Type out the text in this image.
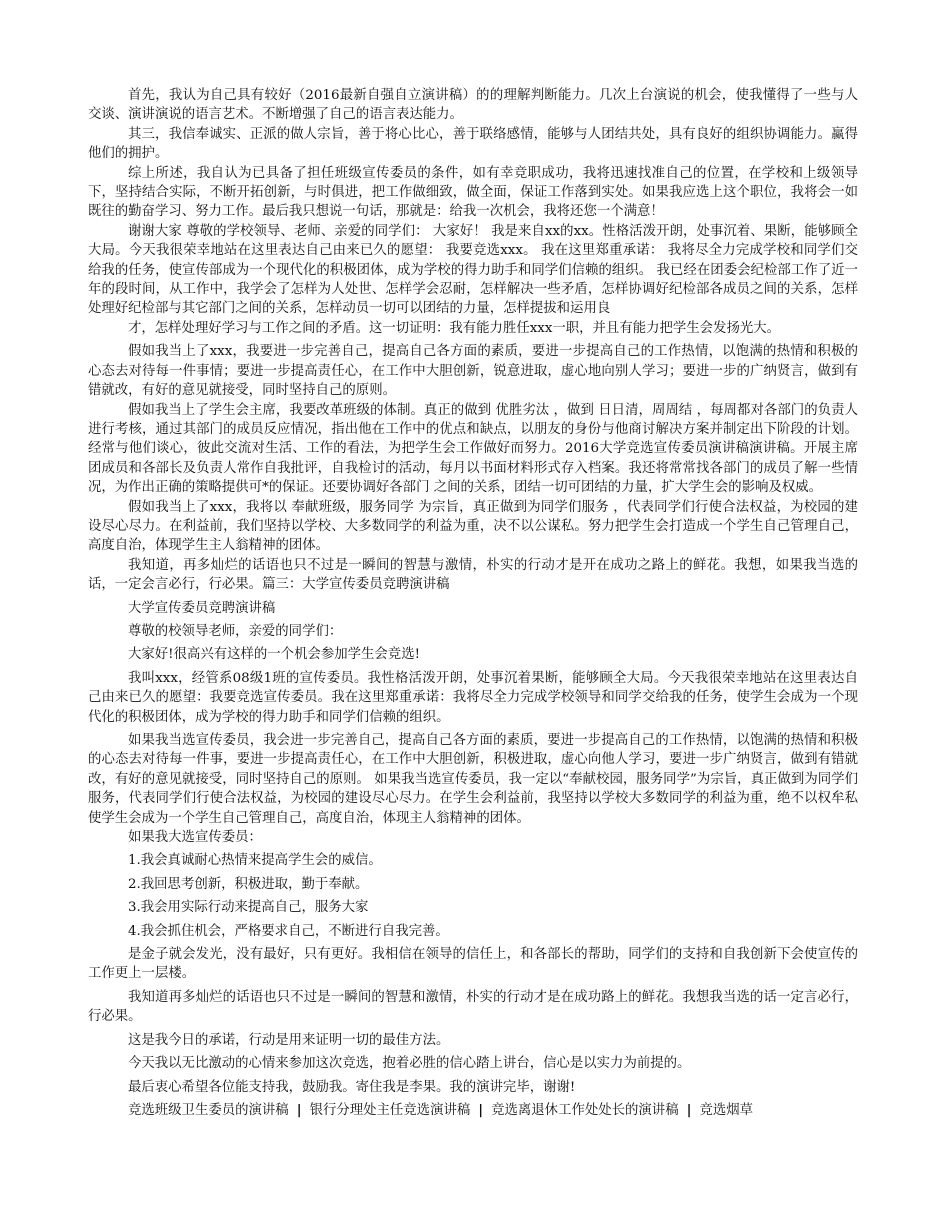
首先，我认为自己具有较好（2016最新自强自立演讲稿）的的理解判断能力。几次上台演说的机会，使我懂得了一些与人交谈、演讲演说的语言艺术。不断增强了自己的语言表达能力。

其三，我信奉诚实、正派的做人宗旨，善于将心比心，善于联络感情，能够与人团结共处，具有良好的组织协调能力。赢得他们的拥护。

综上所述，我自认为已具备了担任班级宣传委员的条件，如有幸竞职成功，我将迅速找准自己的位置，在学校和上级领导下，坚持结合实际，不断开拓创新，与时俱进，把工作做细致，做全面，保证工作落到实处。如果我应选上这个职位，我将会一如既往的勤奋学习、努力工作。最后我只想说一句话，那就是：给我一次机会，我将还您一个满意！

谢谢大家 尊敬的学校领导、老师、亲爱的同学们： 大家好！ 我是来自xx的xx。性格活泼开朗，处事沉着、果断，能够顾全大局。今天我很荣幸地站在这里表达自己由来已久的愿望： 我要竞选xxx。 我在这里郑重承诺： 我将尽全力完成学校和同学们交给我的任务，使宣传部成为一个现代化的积极团体，成为学校的得力助手和同学们信赖的组织。 我已经在团委会纪检部工作了近一年的段时间，从工作中，我学会了怎样为人处世、怎样学会忍耐，怎样解决一些矛盾，怎样协调好纪检部各成员之间的关系，怎样处理好纪检部与其它部门之间的关系，怎样动员一切可以团结的力量，怎样提拔和运用良

才，怎样处理好学习与工作之间的矛盾。这一切证明：我有能力胜任xxx一职，并且有能力把学生会发扬光大。

假如我当上了xxx，我要进一步完善自己，提高自己各方面的素质，要进一步提高自己的工作热情，以饱满的热情和积极的心态去对待每一件事情；要进一步提高责任心，在工作中大胆创新，锐意进取，虚心地向别人学习；要进一步的广纳贤言，做到有错就改，有好的意见就接受，同时坚持自己的原则。

假如我当上了学生会主席，我要改革班级的体制。真正的做到 优胜劣汰 ，做到 日日清，周周结 ，每周都对各部门的负责人进行考核，通过其部门的成员反应情况，指出他在工作中的优点和缺点，以朋友的身份与他商讨解决方案并制定出下阶段的计划。经常与他们谈心，彼此交流对生活、工作的看法，为把学生会工作做好而努力。2016大学竞选宣传委员演讲稿演讲稿。开展主席团成员和各部长及负责人常作自我批评，自我检讨的活动，每月以书面材料形式存入档案。我还将常常找各部门的成员了解一些情况，为作出正确的策略提供可*的保证。还要协调好各部门 之间的关系，团结一切可团结的力量，扩大学生会的影响及权威。

假如我当上了xxx，我将以 奉献班级，服务同学 为宗旨，真正做到为同学们服务 ，代表同学们行使合法权益，为校园的建设尽心尽力。在利益前，我们坚持以学校、大多数同学的利益为重，决不以公谋私。努力把学生会打造成一个学生自己管理自己，高度自治，体现学生主人翁精神的团体。

我知道，再多灿烂的话语也只不过是一瞬间的智慧与激情，朴实的行动才是开在成功之路上的鲜花。我想，如果我当选的话，一定会言必行，行必果。篇三：大学宣传委员竞聘演讲稿

大学宣传委员竞聘演讲稿

尊敬的校领导老师，亲爱的同学们：

大家好!很高兴有这样的一个机会参加学生会竞选!

我叫xxx，经管系08级1班的宣传委员。我性格活泼开朗，处事沉着果断，能够顾全大局。今天我很荣幸地站在这里表达自己由来已久的愿望：我要竞选宣传委员。我在这里郑重承诺：我将尽全力完成学校领导和同学交给我的任务，使学生会成为一个现代化的积极团体，成为学校的得力助手和同学们信赖的组织。

如果我当选宣传委员，我会进一步完善自己，提高自己各方面的素质，要进一步提高自己的工作热情，以饱满的热情和积极的心态去对待每一件事，要进一步提高责任心，在工作中大胆创新，积极进取，虚心向他人学习，要进一步广纳贤言，做到有错就改，有好的意见就接受，同时坚持自己的原则。 如果我当选宣传委员，我一定以“奉献校园，服务同学”为宗旨，真正做到为同学们服务，代表同学们行使合法权益，为校园的建设尽心尽力。在学生会利益前，我坚持以学校大多数同学的利益为重，绝不以权牟私使学生会成为一个学生自己管理自己，高度自治，体现主人翁精神的团体。

如果我大选宣传委员：

1.我会真诚耐心热情来提高学生会的威信。

2.我回思考创新，积极进取，勤于奉献。

3.我会用实际行动来提高自己，服务大家

4.我会抓住机会，严格要求自己，不断进行自我完善。

是金子就会发光，没有最好，只有更好。我相信在领导的信任上，和各部长的帮助，同学们的支持和自我创新下会使宣传的工作更上一层楼。

我知道再多灿烂的话语也只不过是一瞬间的智慧和激情，朴实的行动才是在成功路上的鲜花。我想我当选的话一定言必行，行必果。

这是我今日的承诺，行动是用来证明一切的最佳方法。

今天我以无比激动的心情来参加这次竞选，抱着必胜的信心踏上讲台，信心是以实力为前提的。

最后衷心希望各位能支持我，鼓励我。寄住我是李果。我的演讲完毕，谢谢!

竞选班级卫生委员的演讲稿 | 银行分理处主任竞选演讲稿 | 竞选离退休工作处处长的演讲稿 | 竞选烟草
